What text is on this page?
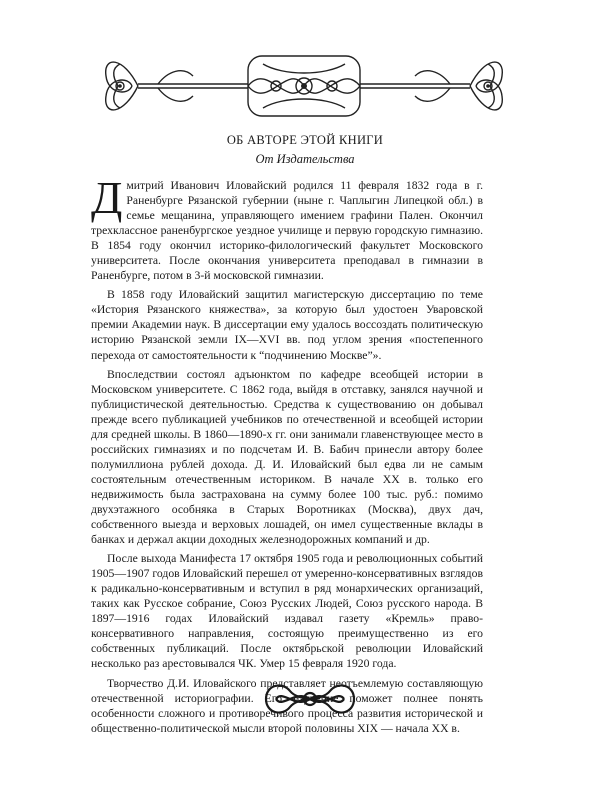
ОБ АВТОРЕ ЭТОЙ КНИГИ
От Издательства

Дмитрий Иванович Иловайский родился 11 февраля 1832 года в г. Раненбурге Рязанской губернии (ныне г. Чаплыгин Липецкой обл.) в семье мещанина, управляющего имением графини Пален. Окончил трехклассное раненбургское уездное училище и первую городскую гимназию. В 1854 году окончил историко-филологический факультет Московского университета. После окончания университета преподавал в гимназии в Раненбурге, потом в 3-й московской гимназии.

В 1858 году Иловайский защитил магистерскую диссертацию по теме «История Рязанского княжества», за которую был удостоен Уваровской премии Академии наук. В диссертации ему удалось воссоздать политическую историю Рязанской земли IX—XVI вв. под углом зрения «постепенного перехода от самостоятельности к “подчинению Москве”».

Впоследствии состоял адъюнктом по кафедре всеобщей истории в Московском университете. С 1862 года, выйдя в отставку, занялся научной и публицистической деятельностью. Средства к существованию он добывал прежде всего публикацией учебников по отечественной и всеобщей истории для средней школы. В 1860—1890-х гг. они занимали главенствующее место в российских гимназиях и по подсчетам И. В. Бабич принесли автору более полумиллиона рублей дохода. Д. И. Иловайский был едва ли не самым состоятельным отечественным историком. В начале XX в. только его недвижимость была застрахована на сумму более 100 тыс. руб.: помимо двухэтажного особняка в Старых Воротниках (Москва), двух дач, собственного выезда и верховых лошадей, он имел существенные вклады в банках и держал акции доходных железнодорожных компаний и др.

После выхода Манифеста 17 октября 1905 года и революционных событий 1905—1907 годов Иловайский перешел от умеренно-консервативных взглядов к радикально-консервативным и вступил в ряд монархических организаций, таких как Русское собрание, Союз Русских Людей, Союз русского народа. В 1897—1916 годах Иловайский издавал газету «Кремль» право-консервативного направления, состоящую преимущественно из его собственных публикаций. После октябрьской революции Иловайский несколько раз арестовывался ЧК. Умер 15 февраля 1920 года.

Творчество Д.И. Иловайского представляет неотъемлемую составляющую отечественной историографии. Его изучение поможет полнее понять особенности сложного и противоречивого процесса развития исторической и общественно-политической мысли второй половины XIX — начала XX в.
